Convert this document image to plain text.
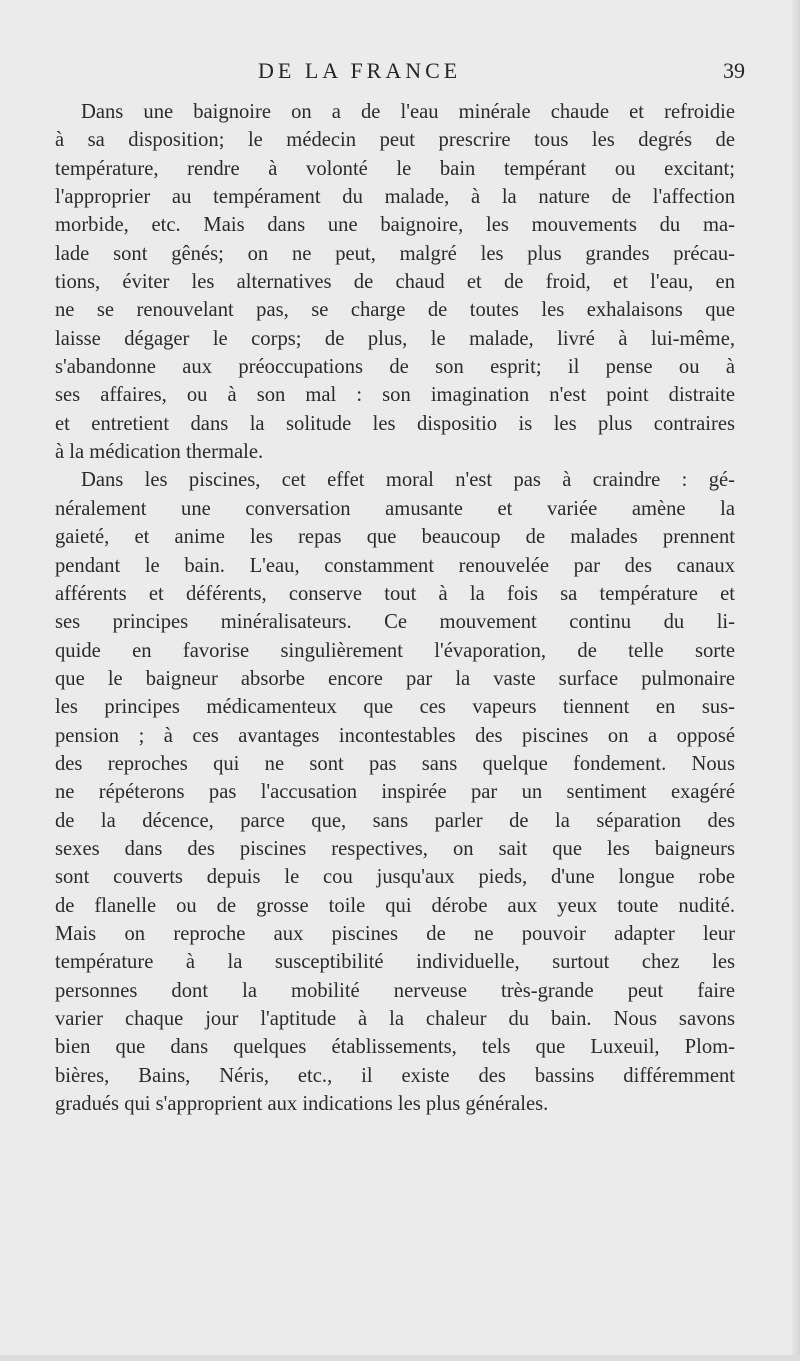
DE LA FRANCE	39
Dans une baignoire on a de l'eau minérale chaude et refroidie
à sa disposition; le médecin peut prescrire tous les degrés de
température, rendre à volonté le bain tempérant ou excitant;
l'approprier au tempérament du malade, à la nature de l'affection
morbide, etc. Mais dans une baignoire, les mouvements du ma-
lade sont gênés; on ne peut, malgré les plus grandes précau-
tions, éviter les alternatives de chaud et de froid, et l'eau, en
ne se renouvelant pas, se charge de toutes les exhalaisons que
laisse dégager le corps; de plus, le malade, livré à lui-même,
s'abandonne aux préoccupations de son esprit; il pense ou à
ses affaires, ou à son mal : son imagination n'est point distraite
et entretient dans la solitude les dispositio is les plus contraires
à la médication thermale.
Dans les piscines, cet effet moral n'est pas à craindre : gé-
néralement une conversation amusante et variée amène la
gaieté, et anime les repas que beaucoup de malades prennent
pendant le bain. L'eau, constamment renouvelée par des canaux
afférents et déférents, conserve tout à la fois sa température et
ses principes minéralisateurs. Ce mouvement continu du li-
quide en favorise singulièrement l'évaporation, de telle sorte
que le baigneur absorbe encore par la vaste surface pulmonaire
les principes médicamenteux que ces vapeurs tiennent en sus-
pension ; à ces avantages incontestables des piscines on a opposé
des reproches qui ne sont pas sans quelque fondement. Nous
ne répéterons pas l'accusation inspirée par un sentiment exagéré
de la décence, parce que, sans parler de la séparation des
sexes dans des piscines respectives, on sait que les baigneurs
sont couverts depuis le cou jusqu'aux pieds, d'une longue robe
de flanelle ou de grosse toile qui dérobe aux yeux toute nudité.
Mais on reproche aux piscines de ne pouvoir adapter leur
température à la susceptibilité individuelle, surtout chez les
personnes dont la mobilité nerveuse très-grande peut faire
varier chaque jour l'aptitude à la chaleur du bain. Nous savons
bien que dans quelques établissements, tels que Luxeuil, Plom-
bières, Bains, Néris, etc., il existe des bassins différemment
gradués qui s'approprient aux indications les plus générales.
